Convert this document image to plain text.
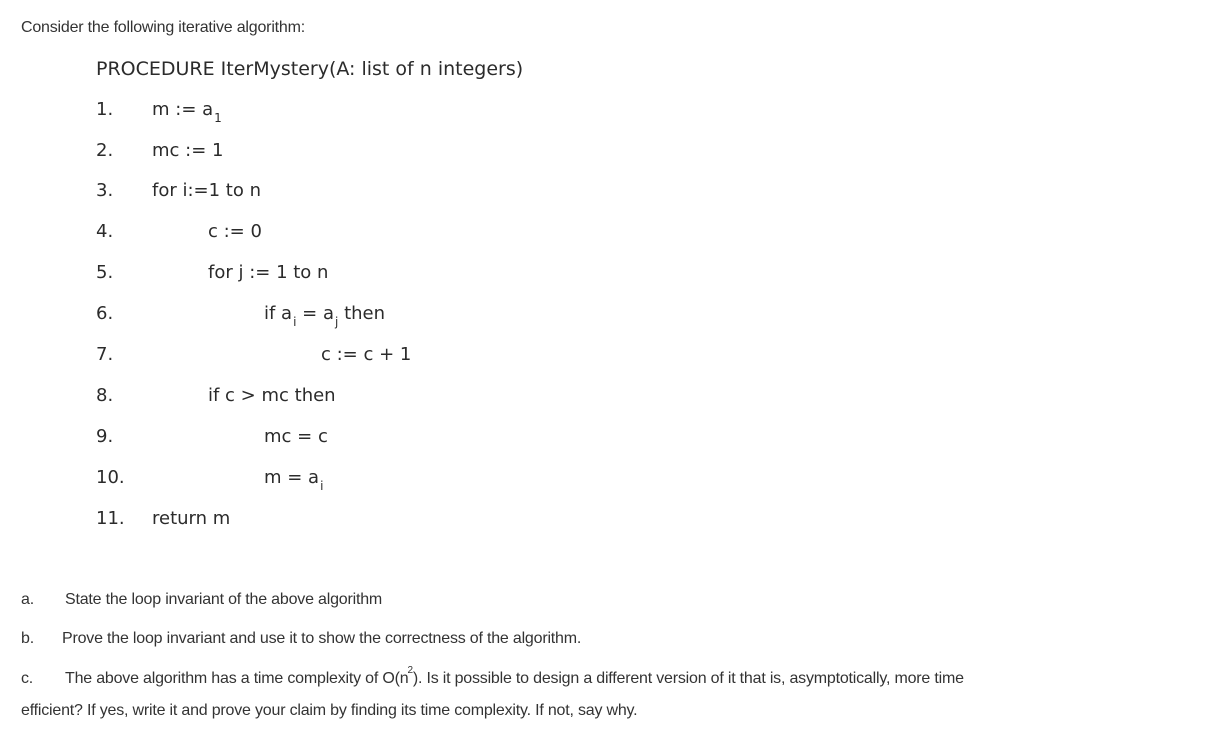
Consider the following iterative algorithm:
PROCEDURE IterMystery(A: list of n integers)
1. m := $a_1$
2. mc := 1
3. for i:=1 to n
4.	c := 0
5.	for j := 1 to n
6.	if $a_i = a_j$ then
7.	c := c + 1
8.	if c > mc then
9.	mc = c
10.	$m = a_i$
11. return m
a. State the loop invariant of the above algorithm
b. Prove the loop invariant and use it to show the correctness of the algorithm.
c. The above algorithm has a time complexity of $O(n^2)$. Is it possible to design a different version of it that is, asymptotically, more time
efficient? If yes, write it and prove your claim by finding its time complexity. If not, say why.
